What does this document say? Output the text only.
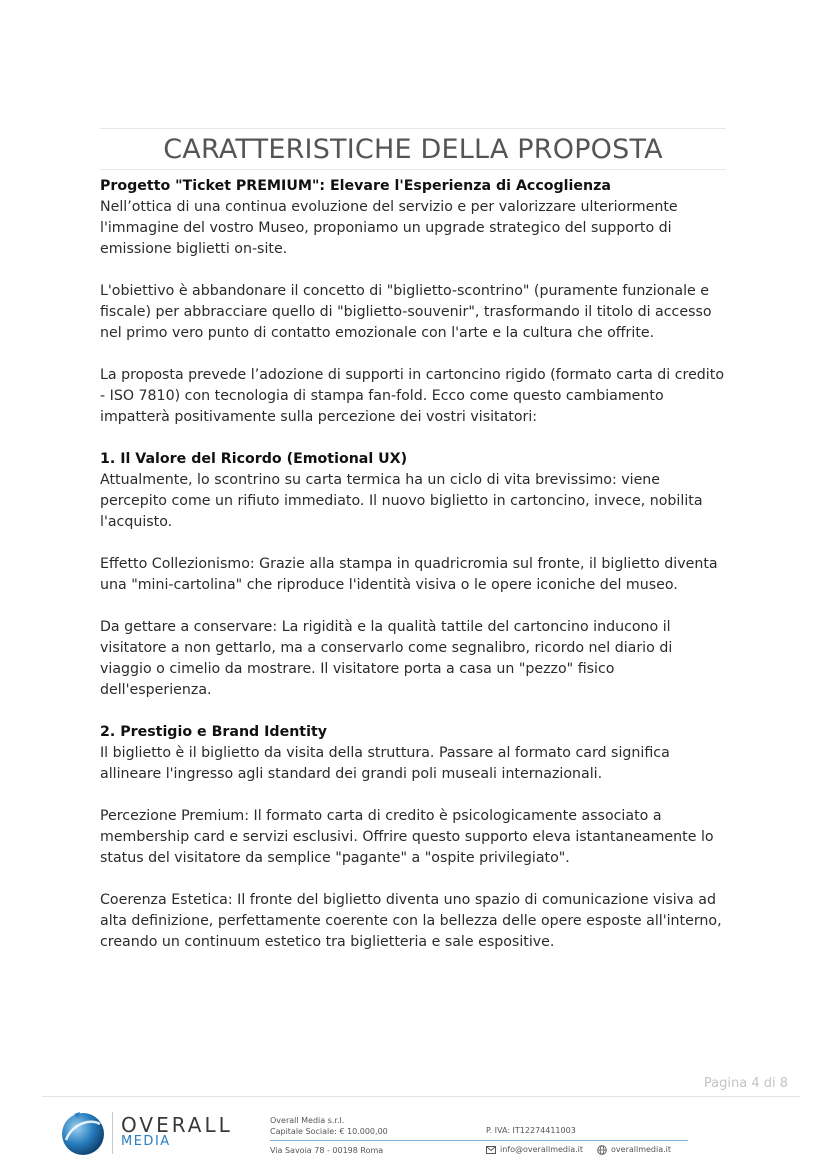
CARATTERISTICHE DELLA PROPOSTA

Progetto "Ticket PREMIUM": Elevare l'Esperienza di Accoglienza

Nell’ottica di una continua evoluzione del servizio e per valorizzare ulteriormente l'immagine del vostro Museo, proponiamo un upgrade strategico del supporto di emissione biglietti on-site.

L'obiettivo è abbandonare il concetto di "biglietto-scontrino" (puramente funzionale e fiscale) per abbracciare quello di "biglietto-souvenir", trasformando il titolo di accesso nel primo vero punto di contatto emozionale con l'arte e la cultura che offrite.

La proposta prevede l’adozione di supporti in cartoncino rigido (formato carta di credito - ISO 7810) con tecnologia di stampa fan-fold. Ecco come questo cambiamento impatterà positivamente sulla percezione dei vostri visitatori:

1. Il Valore del Ricordo (Emotional UX)

Attualmente, lo scontrino su carta termica ha un ciclo di vita brevissimo: viene percepito come un rifiuto immediato. Il nuovo biglietto in cartoncino, invece, nobilita l'acquisto.

Effetto Collezionismo: Grazie alla stampa in quadricromia sul fronte, il biglietto diventa una "mini-cartolina" che riproduce l'identità visiva o le opere iconiche del museo.

Da gettare a conservare: La rigidità e la qualità tattile del cartoncino inducono il visitatore a non gettarlo, ma a conservarlo come segnalibro, ricordo nel diario di viaggio o cimelio da mostrare. Il visitatore porta a casa un "pezzo" fisico dell'esperienza.

2. Prestigio e Brand Identity

Il biglietto è il biglietto da visita della struttura. Passare al formato card significa allineare l'ingresso agli standard dei grandi poli museali internazionali.

Percezione Premium: Il formato carta di credito è psicologicamente associato a membership card e servizi esclusivi. Offrire questo supporto eleva istantaneamente lo status del visitatore da semplice "pagante" a "ospite privilegiato".

Coerenza Estetica: Il fronte del biglietto diventa uno spazio di comunicazione visiva ad alta definizione, perfettamente coerente con la bellezza delle opere esposte all'interno, creando un continuum estetico tra biglietteria e sale espositive.

Pagina 4 di 8
OVERALL
MEDIA
Overall Media s.r.l.
Capitale Sociale: € 10.000,00	P. IVA: IT12274411003
Via Savoia 78 - 00198 Roma	info@overallmedia.it	overallmedia.it
